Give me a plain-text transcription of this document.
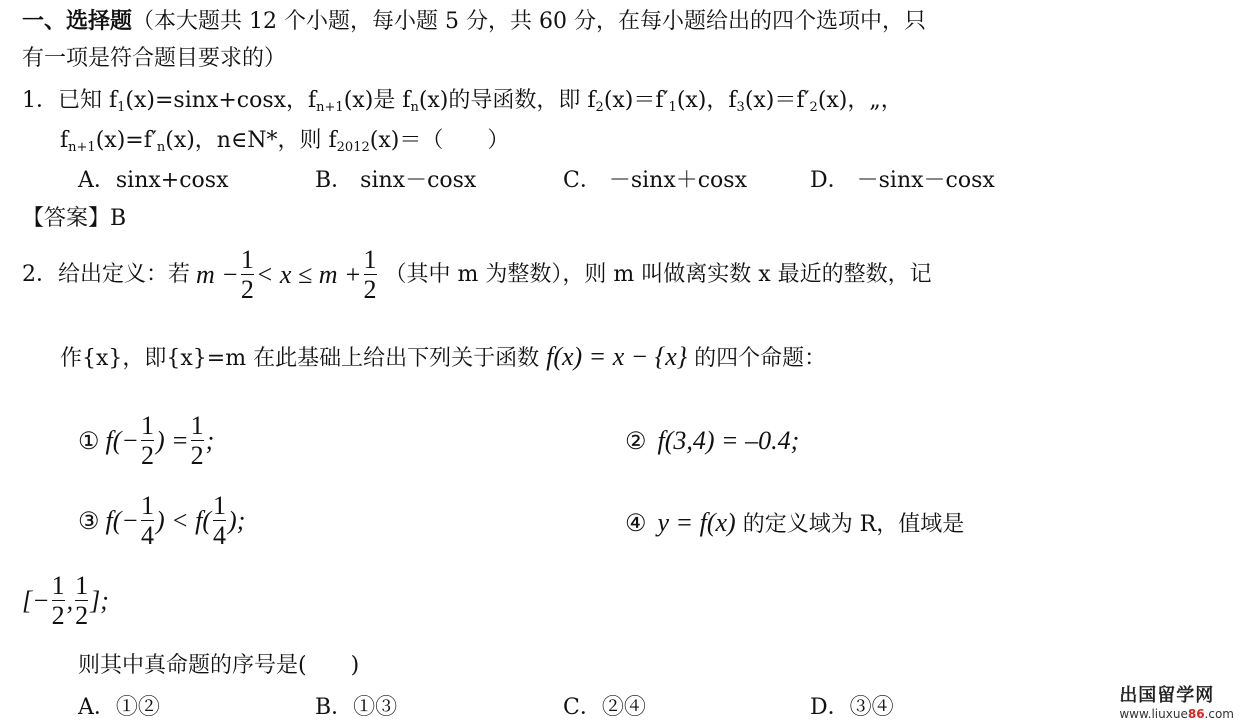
一、选择题（本大题共 12 个小题，每小题 5 分，共 60 分，在每小题给出的四个选项中，只
有一项是符合题目要求的）
1．已知 $f_1(x)=\sin x+\cos x$，$f_{n+1}(x)$是 $f_n(x)$的导函数，即 $f_2(x)=f'_1(x)$，$f_3(x)=f'_2(x)$，„，
$f_{n+1}(x)=f'_n(x)$，n∈N*，则 $f_{2012}(x)=$（　　）
A．sinx+cosx	B． sinx－cosx	C． －sinx＋cosx	D． －sinx－cosx
【答案】B
2． 给出定义：若 $m - \frac{1}{2} < x \le m + \frac{1}{2}$ （其中 m 为整数），则 m 叫做离实数 x 最近的整数，记
作{x}，即{x}=m 在此基础上给出下列关于函数 f(x) = x − {x} 的四个命题：
① $f(- \frac{1}{2}$ ) = $\frac{1}{2}$ ;	② f(3,4) = –0.4;
③ $f(- \frac{1}{4}$ ) < $f( \frac{1}{4}$ );	④ y = f(x) 的定义域为 R，值域是
[− $\frac{1}{2}$ , $\frac{1}{2}$ ];
则其中真命题的序号是(　　)
A．①②	B．①③	C．②④	D．③④	出国留学网
www.liuxue86.com
